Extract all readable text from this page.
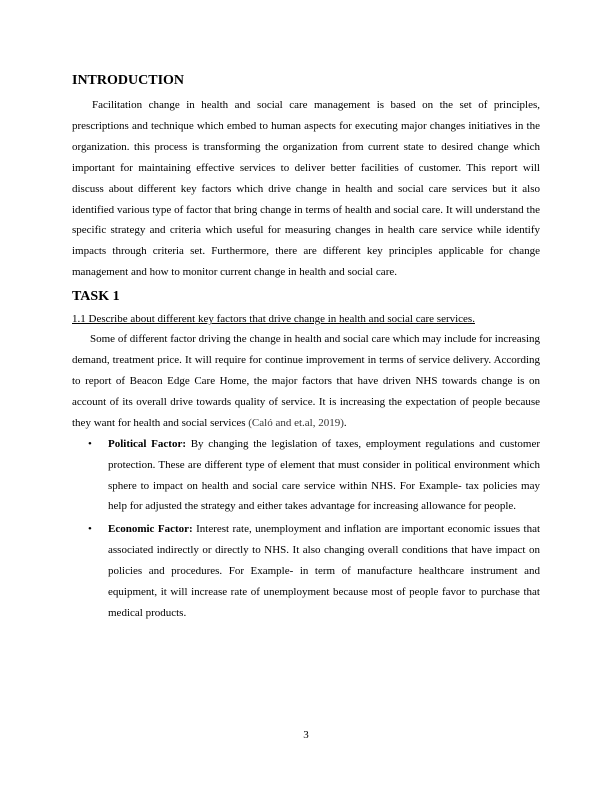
INTRODUCTION

Facilitation change in health and social care management is based on the set of principles, prescriptions and technique which embed to human aspects for executing major changes initiatives in the organization. this process is transforming the organization from current state to desired change which important for maintaining effective services to deliver better facilities of customer. This report will discuss about different key factors which drive change in health and social care services but it also identified various type of factor that bring change in terms of health and social care. It will understand the specific strategy and criteria which useful for measuring changes in health care service while identify impacts through criteria set. Furthermore, there are different key principles applicable for change management and how to monitor current change in health and social care.

TASK 1

1.1 Describe about different key factors that drive change in health and social care services.

Some of different factor driving the change in health and social care which may include for increasing demand, treatment price. It will require for continue improvement in terms of service delivery. According to report of Beacon Edge Care Home, the major factors that have driven NHS towards change is on account of its overall drive towards quality of service. It is increasing the expectation of people because they want for health and social services (Caló and et.al, 2019).

• Political Factor: By changing the legislation of taxes, employment regulations and customer protection. These are different type of element that must consider in political environment which sphere to impact on health and social care service within NHS. For Example- tax policies may help for adjusted the strategy and either takes advantage for increasing allowance for people.
• Economic Factor: Interest rate, unemployment and inflation are important economic issues that associated indirectly or directly to NHS. It also changing overall conditions that have impact on policies and procedures. For Example- in term of manufacture healthcare instrument and equipment, it will increase rate of unemployment because most of people favor to purchase that medical products.
3
